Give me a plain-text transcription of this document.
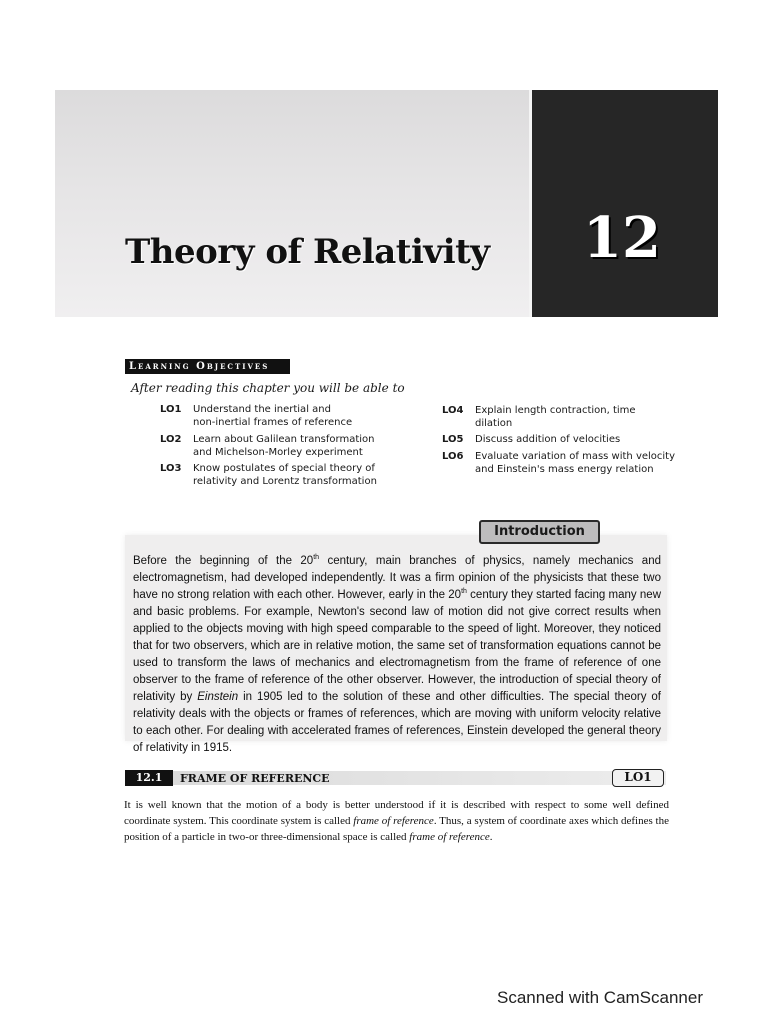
Theory of Relativity	12
Learning Objectives
After reading this chapter you will be able to
LO1 Understand the inertial and
non-inertial frames of reference
LO2 Learn about Galilean transformation
and Michelson-Morley experiment
LO3 Know postulates of special theory of
relativity and Lorentz transformation
LO4 Explain length contraction, time
dilation
LO5 Discuss addition of velocities
LO6 Evaluate variation of mass with velocity
and Einstein's mass energy relation
Introduction

Before the beginning of the 20th century, main branches of physics, namely mechanics and electromagnetism, had developed independently. It was a firm opinion of the physicists that these two have no strong relation with each other. However, early in the 20th century they started facing many new and basic problems. For example, Newton's second law of motion did not give correct results when applied to the objects moving with high speed comparable to the speed of light. Moreover, they noticed that for two observers, which are in relative motion, the same set of transformation equations cannot be used to transform the laws of mechanics and electromagnetism from the frame of reference of one observer to the frame of reference of the other observer. However, the introduction of special theory of relativity by Einstein in 1905 led to the solution of these and other difficulties. The special theory of relativity deals with the objects or frames of references, which are moving with uniform velocity relative to each other. For dealing with accelerated frames of references, Einstein developed the general theory of relativity in 1915.

12.1	FRAME OF REFERENCE	LO1

It is well known that the motion of a body is better understood if it is described with respect to some well defined coordinate system. This coordinate system is called frame of reference. Thus, a system of coordinate axes which defines the position of a particle in two-or three-dimensional space is called frame of reference.

Scanned with CamScanner
